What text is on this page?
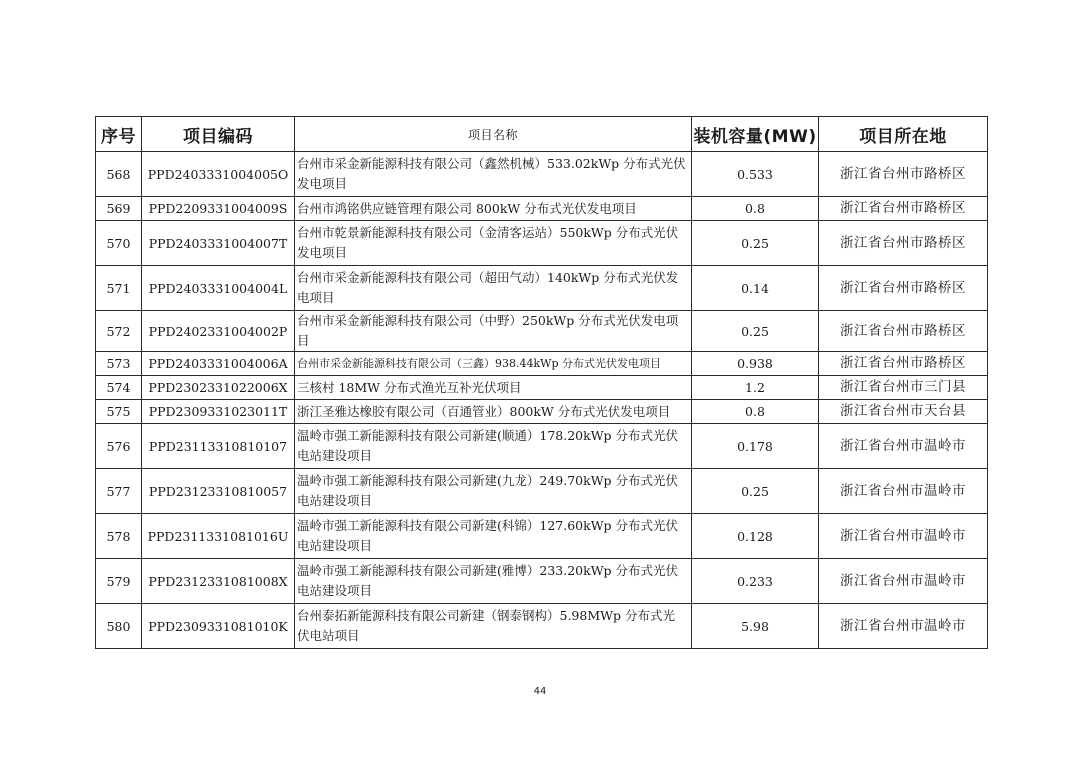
序号	项目编码	项目名称	装机容量(MW)	项目所在地
568	PPD2403331004005O	台州市采金新能源科技有限公司（鑫然机械）533.02kWp 分布式光伏发电项目	0.533	浙江省台州市路桥区
569	PPD2209331004009S	台州市鸿铭供应链管理有限公司 800kW 分布式光伏发电项目	0.8	浙江省台州市路桥区
570	PPD2403331004007T	台州市乾景新能源科技有限公司（金清客运站）550kWp 分布式光伏发电项目	0.25	浙江省台州市路桥区
571	PPD2403331004004L	台州市采金新能源科技有限公司（超田气动）140kWp 分布式光伏发电项目	0.14	浙江省台州市路桥区
572	PPD2402331004002P	台州市采金新能源科技有限公司（中野）250kWp 分布式光伏发电项目	0.25	浙江省台州市路桥区
573	PPD2403331004006A	台州市采金新能源科技有限公司（三鑫）938.44kWp 分布式光伏发电项目	0.938	浙江省台州市路桥区
574	PPD2302331022006X	三核村 18MW 分布式渔光互补光伏项目	1.2	浙江省台州市三门县
575	PPD2309331023011T	浙江圣雅达橡胶有限公司（百通管业）800kW 分布式光伏发电项目	0.8	浙江省台州市天台县
576	PPD23113310810107	温岭市强工新能源科技有限公司新建(顺通）178.20kWp 分布式光伏电站建设项目	0.178	浙江省台州市温岭市
577	PPD23123310810057	温岭市强工新能源科技有限公司新建(九龙）249.70kWp 分布式光伏电站建设项目	0.25	浙江省台州市温岭市
578	PPD2311331081016U	温岭市强工新能源科技有限公司新建(科锦）127.60kWp 分布式光伏电站建设项目	0.128	浙江省台州市温岭市
579	PPD2312331081008X	温岭市强工新能源科技有限公司新建(雅博）233.20kWp 分布式光伏电站建设项目	0.233	浙江省台州市温岭市
580	PPD2309331081010K	台州泰拓新能源科技有限公司新建（钢泰钢构）5.98MWp 分布式光伏电站项目	5.98	浙江省台州市温岭市
44
